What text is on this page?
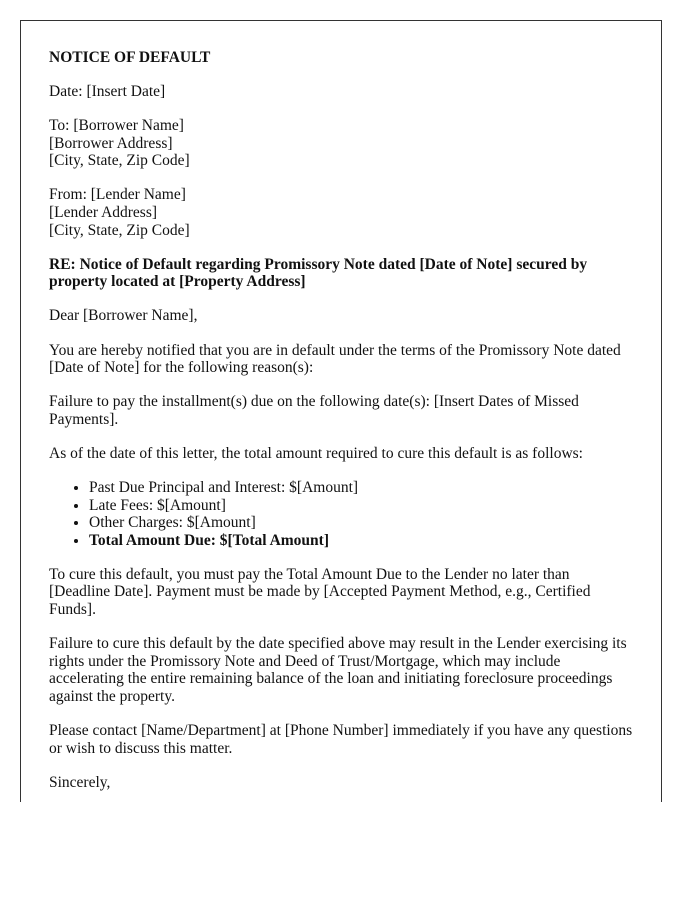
NOTICE OF DEFAULT

Date: [Insert Date]

To: [Borrower Name]
[Borrower Address]
[City, State, Zip Code]

From: [Lender Name]
[Lender Address]
[City, State, Zip Code]

RE: Notice of Default regarding Promissory Note dated [Date of Note] secured by property located at [Property Address]

Dear [Borrower Name],

You are hereby notified that you are in default under the terms of the Promissory Note dated [Date of Note] for the following reason(s):

Failure to pay the installment(s) due on the following date(s): [Insert Dates of Missed Payments].

As of the date of this letter, the total amount required to cure this default is as follows:

• Past Due Principal and Interest: $[Amount]
• Late Fees: $[Amount]
• Other Charges: $[Amount]
• Total Amount Due: $[Total Amount]

To cure this default, you must pay the Total Amount Due to the Lender no later than [Deadline Date]. Payment must be made by [Accepted Payment Method, e.g., Certified Funds].

Failure to cure this default by the date specified above may result in the Lender exercising its rights under the Promissory Note and Deed of Trust/Mortgage, which may include accelerating the entire remaining balance of the loan and initiating foreclosure proceedings against the property.

Please contact [Name/Department] at [Phone Number] immediately if you have any questions or wish to discuss this matter.

Sincerely,
